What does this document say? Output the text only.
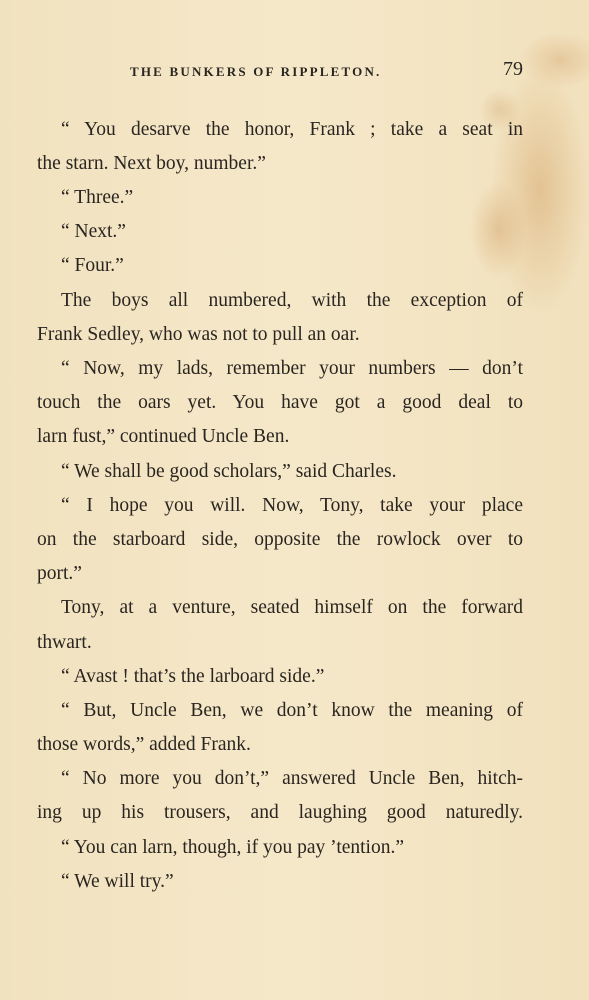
THE BUNKERS OF RIPPLETON.	79
“ You desarve the honor, Frank ; take a seat in
the starn. Next boy, number.”
“ Three.”
“ Next.”
“ Four.”
The boys all numbered, with the exception of
Frank Sedley, who was not to pull an oar.
“ Now, my lads, remember your numbers — don’t
touch the oars yet. You have got a good deal to
larn fust,” continued Uncle Ben.
“ We shall be good scholars,” said Charles.
“ I hope you will. Now, Tony, take your place
on the starboard side, opposite the rowlock over to
port.”
Tony, at a venture, seated himself on the forward
thwart.
“ Avast ! that’s the larboard side.”
“ But, Uncle Ben, we don’t know the meaning of
those words,” added Frank.
“ No more you don’t,” answered Uncle Ben, hitch-
ing up his trousers, and laughing good naturedly.
“ You can larn, though, if you pay ’tention.”
“ We will try.”
